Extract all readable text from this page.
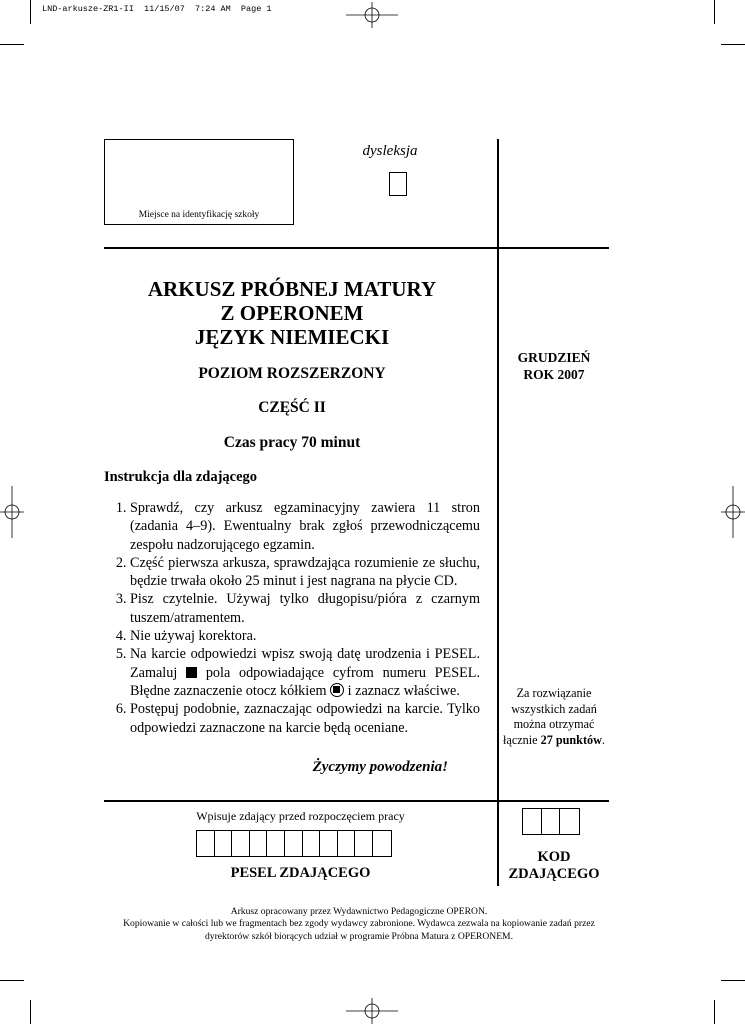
LND-arkusze-ZR1-II  11/15/07  7:24 AM  Page 1
Miejsce na identyfikację szkoły
dysleksja
ARKUSZ PRÓBNEJ MATURY
Z OPERONEM
JĘZYK NIEMIECKI
POZIOM ROZSZERZONY
CZĘŚĆ II
Czas pracy 70 minut
Instrukcja dla zdającego
1. Sprawdź, czy arkusz egzaminacyjny zawiera 11 stron (zadania 4–9). Ewentualny brak zgłoś przewodniczącemu zespołu nadzorującego egzamin.
2. Część pierwsza arkusza, sprawdzająca rozumienie ze słuchu, będzie trwała około 25 minut i jest nagrana na płycie CD.
3. Pisz czytelnie. Używaj tylko długopisu/pióra z czarnym tuszem/atramentem.
4. Nie używaj korektora.
5. Na karcie odpowiedzi wpisz swoją datę urodzenia i PESEL. Zamaluj pola odpowiadające cyfrom numeru PESEL. Błędne zaznaczenie otocz kółkiem i zaznacz właściwe.
6. Postępuj podobnie, zaznaczając odpowiedzi na karcie. Tylko odpowiedzi zaznaczone na karcie będą oceniane.
Życzymy powodzenia!
GRUDZIEŃ
ROK 2007
Za rozwiązanie
wszystkich zadań
można otrzymać
łącznie 27 punktów.
Wpisuje zdający przed rozpoczęciem pracy
PESEL ZDAJĄCEGO
KOD
ZDAJĄCEGO
Arkusz opracowany przez Wydawnictwo Pedagogiczne OPERON.
Kopiowanie w całości lub we fragmentach bez zgody wydawcy zabronione. Wydawca zezwala na kopiowanie zadań przez
dyrektorów szkół biorących udział w programie Próbna Matura z OPERONEM.
